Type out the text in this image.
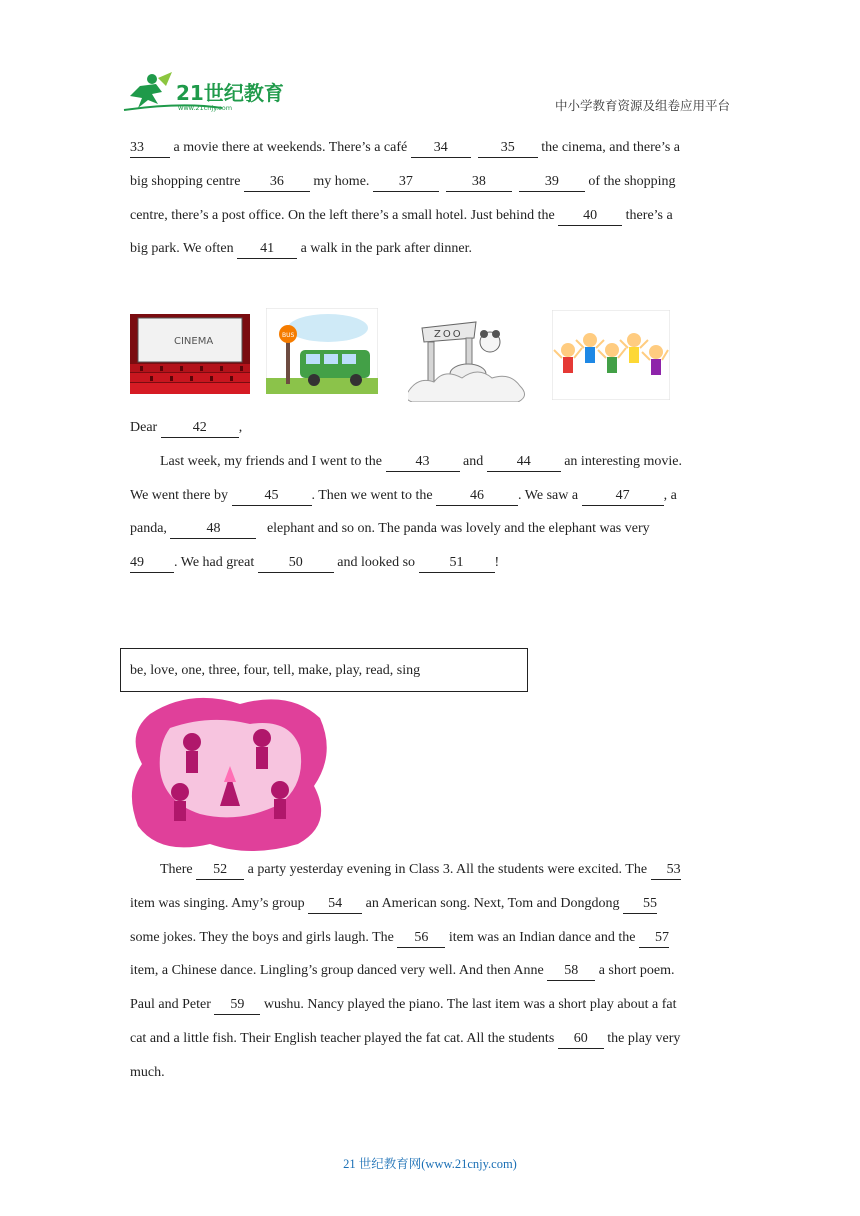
21世纪教育
www.21cnjy.com	中小学教育资源及组卷应用平台

33 a movie there at weekends. There’s a café 34	35 the cinema, and there’s a
big shopping centre 36 my home. 37	38	39 of the shopping
centre, there’s a post office. On the left there’s a small hotel. Just behind the 40 there’s a
big park. We often 41 a walk in the park after dinner.

CINEMA
BUS	ZOO

Dear 42 ,
Last week, my friends and I went to the 43 and 44 an interesting movie.
We went there by 45 . Then we went to the 46 . We saw a 47 , a
panda,	48	elephant and so on. The panda was lovely and the elephant was very
49 . We had great 50 and looked so 51 !

be, love, one, three, four, tell, make, play, read, sing

There 52 a party yesterday evening in Class 3. All the students were excited. The 53
item was singing. Amy’s group 54 an American song. Next, Tom and Dongdong 55
some jokes. They the boys and girls laugh. The 56 item was an Indian dance and the 57
item, a Chinese dance. Lingling’s group danced very well. And then Anne 58 a short poem.
Paul and Peter 59 wushu. Nancy played the piano. The last item was a short play about a fat
cat and a little fish. Their English teacher played the fat cat. All the students 60 the play very
much.

21 世纪教育网(www.21cnjy.com)
